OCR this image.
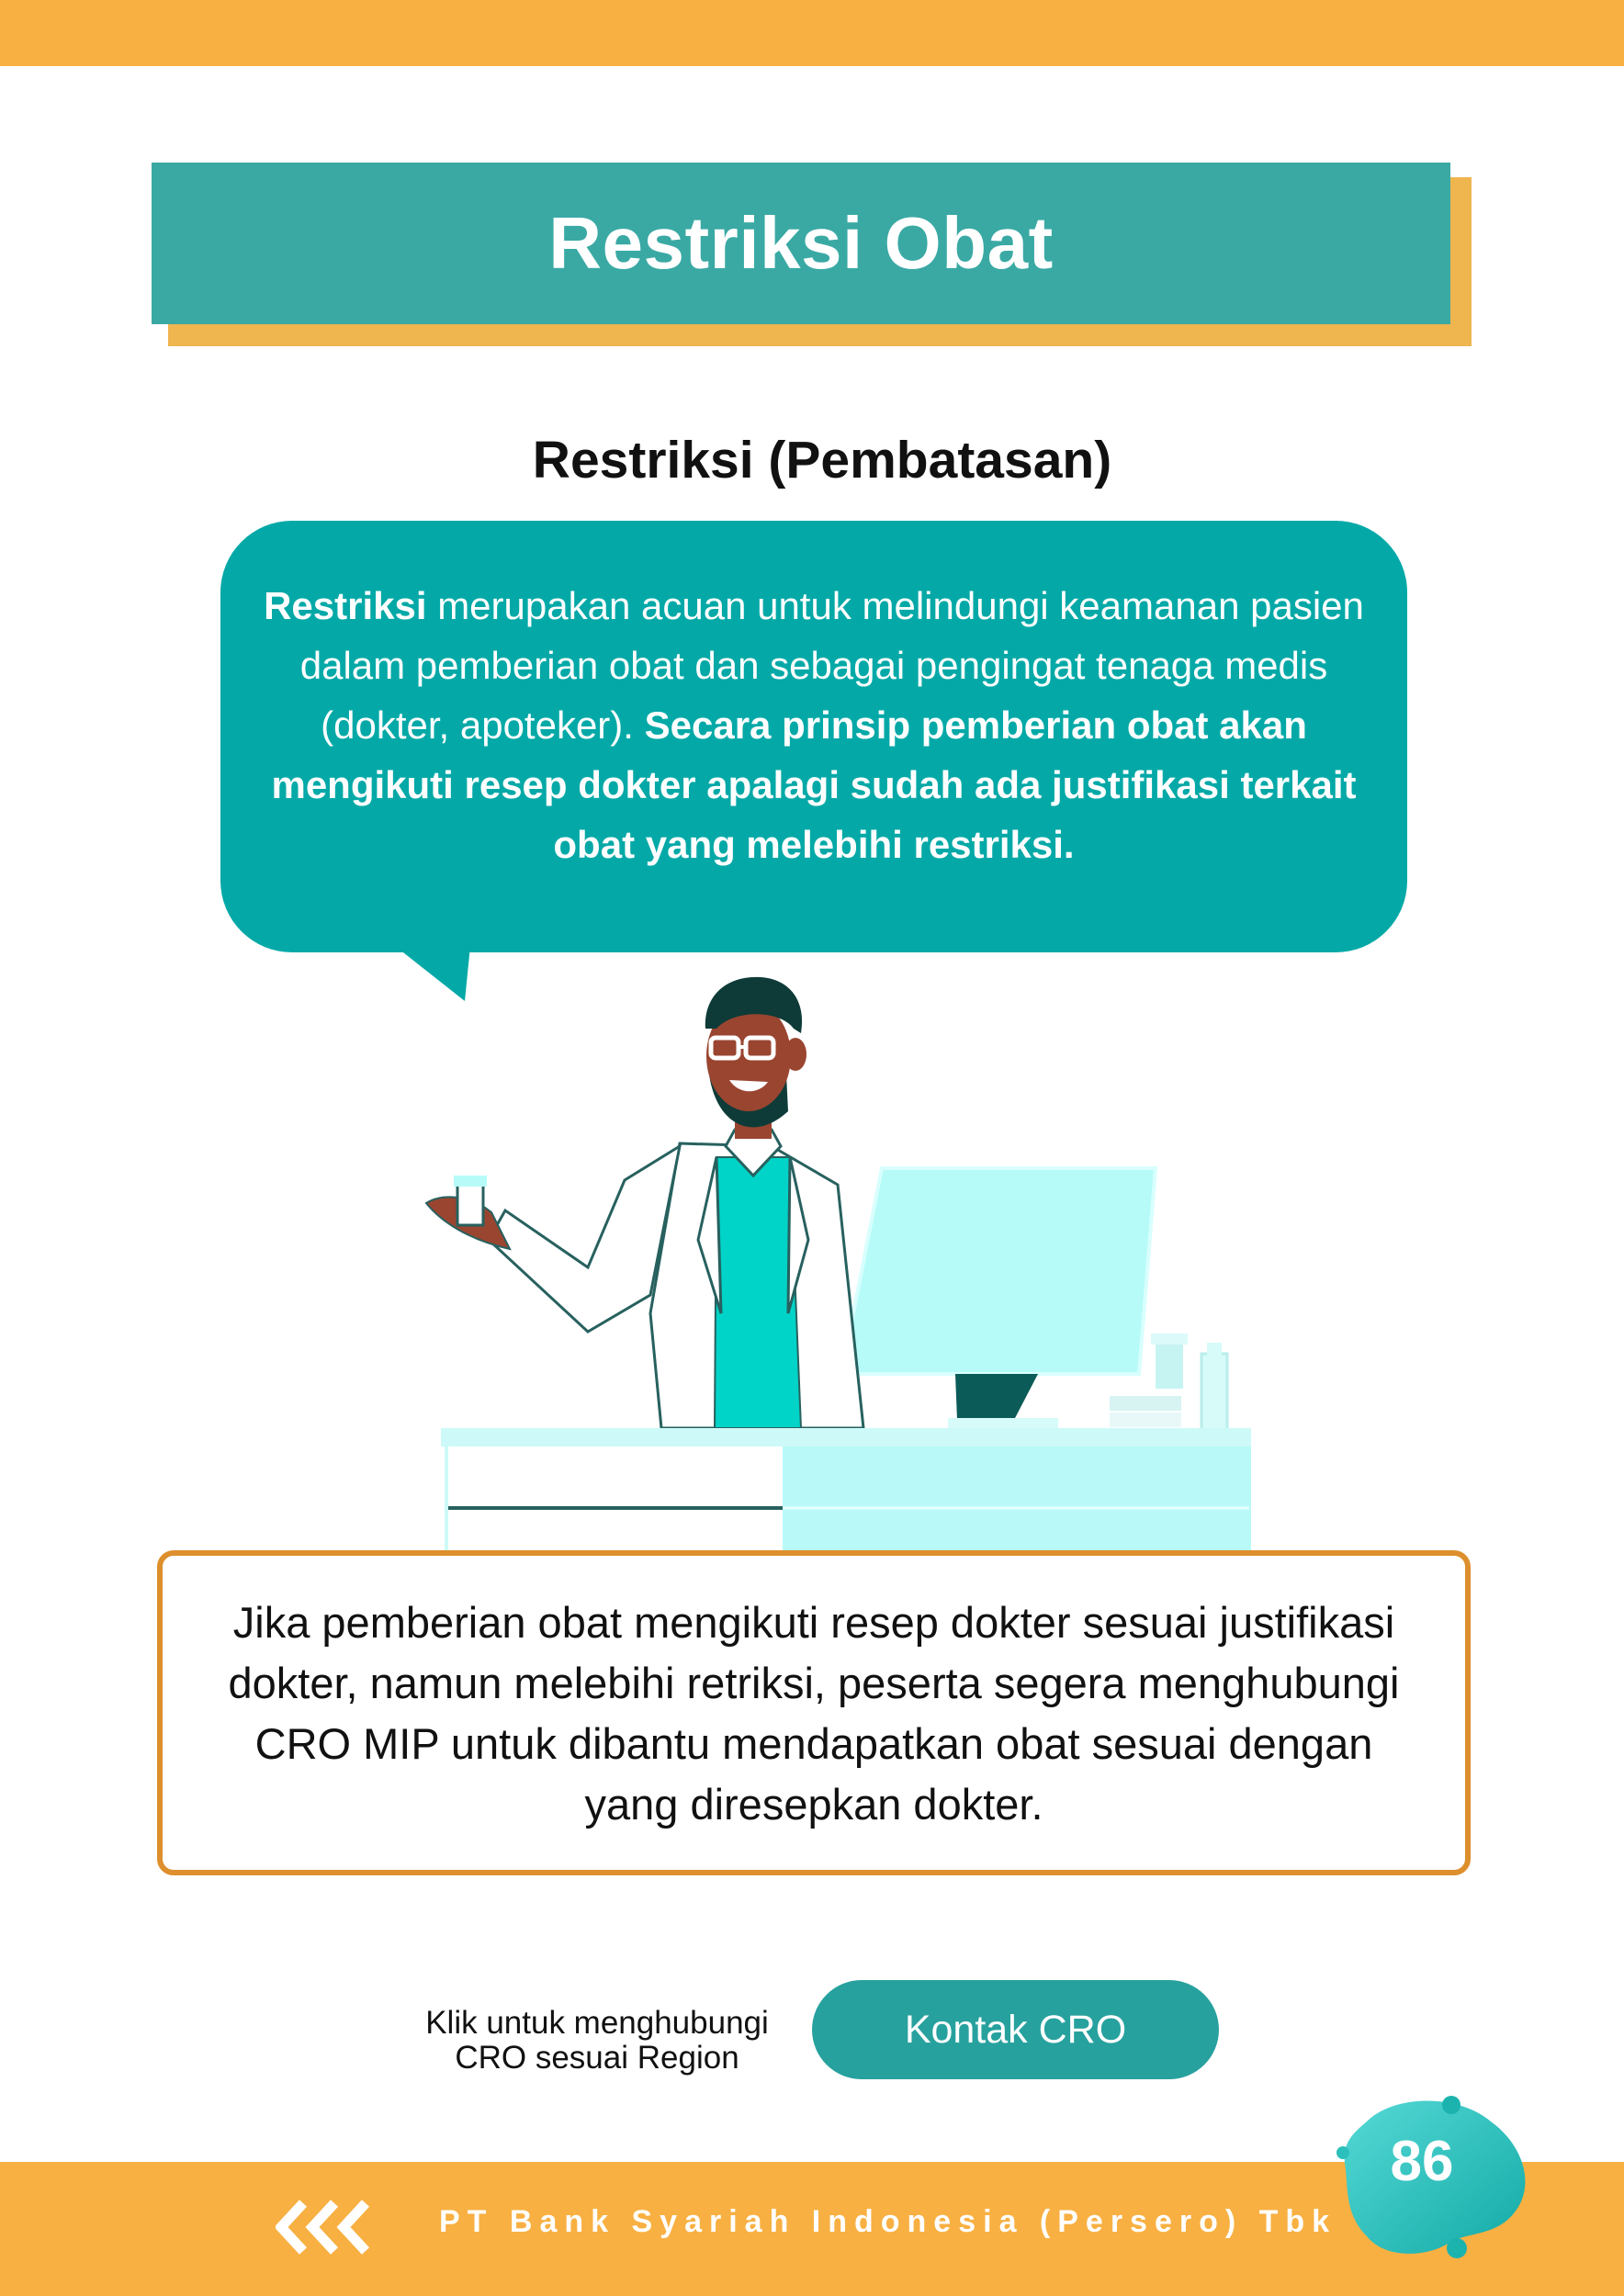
Restriksi Obat
Restriksi (Pembatasan)
Restriksi merupakan acuan untuk melindungi keamanan pasien dalam pemberian obat dan sebagai pengingat tenaga medis (dokter, apoteker). Secara prinsip pemberian obat akan mengikuti resep dokter apalagi sudah ada justifikasi terkait obat yang melebihi restriksi.
Jika pemberian obat mengikuti resep dokter sesuai justifikasi dokter, namun melebihi retriksi, peserta segera menghubungi CRO MIP untuk dibantu mendapatkan obat sesuai dengan yang diresepkan dokter.
Klik untuk menghubungi
CRO sesuai Region
Kontak CRO
PT Bank Syariah Indonesia (Persero) Tbk
86
